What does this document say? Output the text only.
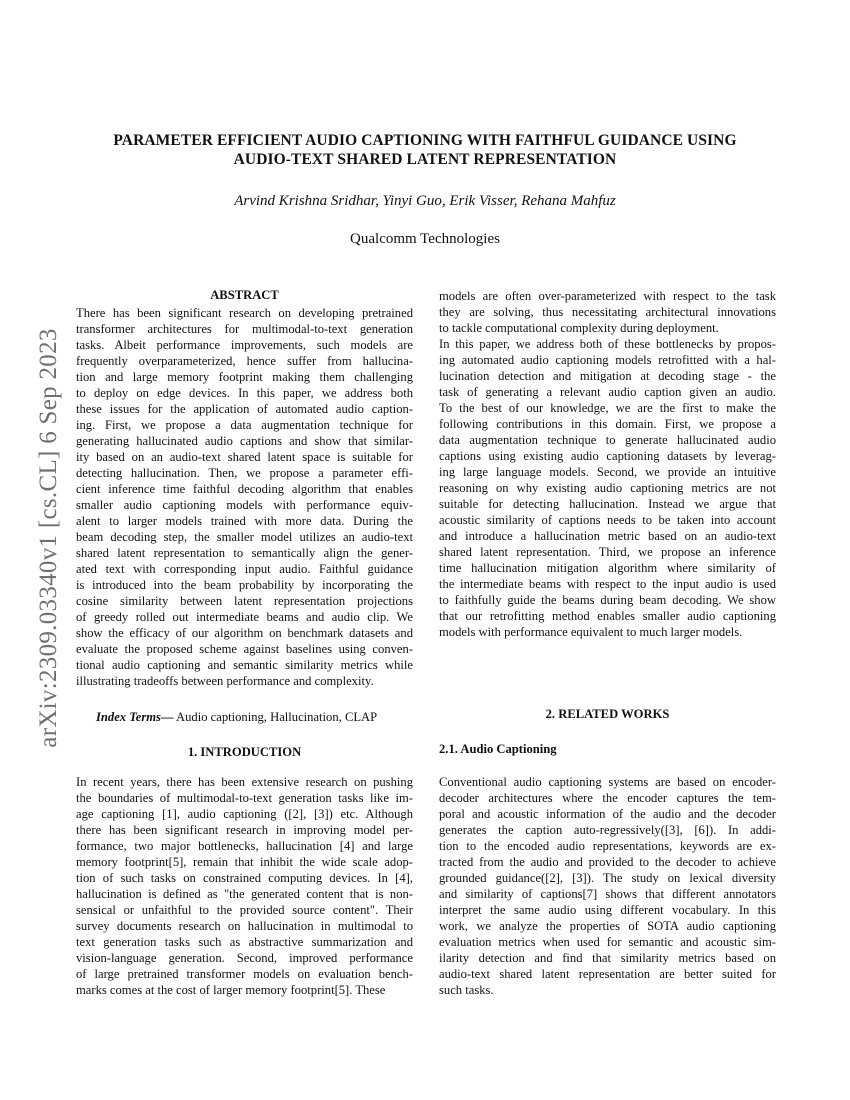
arXiv:2309.03340v1 [cs.CL] 6 Sep 2023
PARAMETER EFFICIENT AUDIO CAPTIONING WITH FAITHFUL GUIDANCE USING
AUDIO-TEXT SHARED LATENT REPRESENTATION
Arvind Krishna Sridhar, Yinyi Guo, Erik Visser, Rehana Mahfuz
Qualcomm Technologies
ABSTRACT

There has been significant research on developing pretrained
transformer architectures for multimodal-to-text generation
tasks. Albeit performance improvements, such models are
frequently overparameterized, hence suffer from hallucina-
tion and large memory footprint making them challenging
to deploy on edge devices. In this paper, we address both
these issues for the application of automated audio caption-
ing. First, we propose a data augmentation technique for
generating hallucinated audio captions and show that similar-
ity based on an audio-text shared latent space is suitable for
detecting hallucination. Then, we propose a parameter effi-
cient inference time faithful decoding algorithm that enables
smaller audio captioning models with performance equiv-
alent to larger models trained with more data. During the
beam decoding step, the smaller model utilizes an audio-text
shared latent representation to semantically align the gener-
ated text with corresponding input audio. Faithful guidance
is introduced into the beam probability by incorporating the
cosine similarity between latent representation projections
of greedy rolled out intermediate beams and audio clip. We
show the efficacy of our algorithm on benchmark datasets and
evaluate the proposed scheme against baselines using conven-
tional audio captioning and semantic similarity metrics while
illustrating tradeoffs between performance and complexity.

Index Terms— Audio captioning, Hallucination, CLAP
1. INTRODUCTION

In recent years, there has been extensive research on pushing
the boundaries of multimodal-to-text generation tasks like im-
age captioning [1], audio captioning ([2], [3]) etc. Although
there has been significant research in improving model per-
formance, two major bottlenecks, hallucination [4] and large
memory footprint[5], remain that inhibit the wide scale adop-
tion of such tasks on constrained computing devices. In [4],
hallucination is defined as "the generated content that is non-
sensical or unfaithful to the provided source content". Their
survey documents research on hallucination in multimodal to
text generation tasks such as abstractive summarization and
vision-language generation. Second, improved performance
of large pretrained transformer models on evaluation bench-
marks comes at the cost of larger memory footprint[5]. These

models are often over-parameterized with respect to the task
they are solving, thus necessitating architectural innovations
to tackle computational complexity during deployment.

In this paper, we address both of these bottlenecks by propos-
ing automated audio captioning models retrofitted with a hal-
lucination detection and mitigation at decoding stage - the
task of generating a relevant audio caption given an audio.
To the best of our knowledge, we are the first to make the
following contributions in this domain. First, we propose a
data augmentation technique to generate hallucinated audio
captions using existing audio captioning datasets by leverag-
ing large language models. Second, we provide an intuitive
reasoning on why existing audio captioning metrics are not
suitable for detecting hallucination. Instead we argue that
acoustic similarity of captions needs to be taken into account
and introduce a hallucination metric based on an audio-text
shared latent representation. Third, we propose an inference
time hallucination mitigation algorithm where similarity of
the intermediate beams with respect to the input audio is used
to faithfully guide the beams during beam decoding. We show
that our retrofitting method enables smaller audio captioning
models with performance equivalent to much larger models.

2. RELATED WORKS
2.1. Audio Captioning

Conventional audio captioning systems are based on encoder-
decoder architectures where the encoder captures the tem-
poral and acoustic information of the audio and the decoder
generates the caption auto-regressively([3], [6]). In addi-
tion to the encoded audio representations, keywords are ex-
tracted from the audio and provided to the decoder to achieve
grounded guidance([2], [3]). The study on lexical diversity
and similarity of captions[7] shows that different annotators
interpret the same audio using different vocabulary. In this
work, we analyze the properties of SOTA audio captioning
evaluation metrics when used for semantic and acoustic sim-
ilarity detection and find that similarity metrics based on
audio-text shared latent representation are better suited for
such tasks.
